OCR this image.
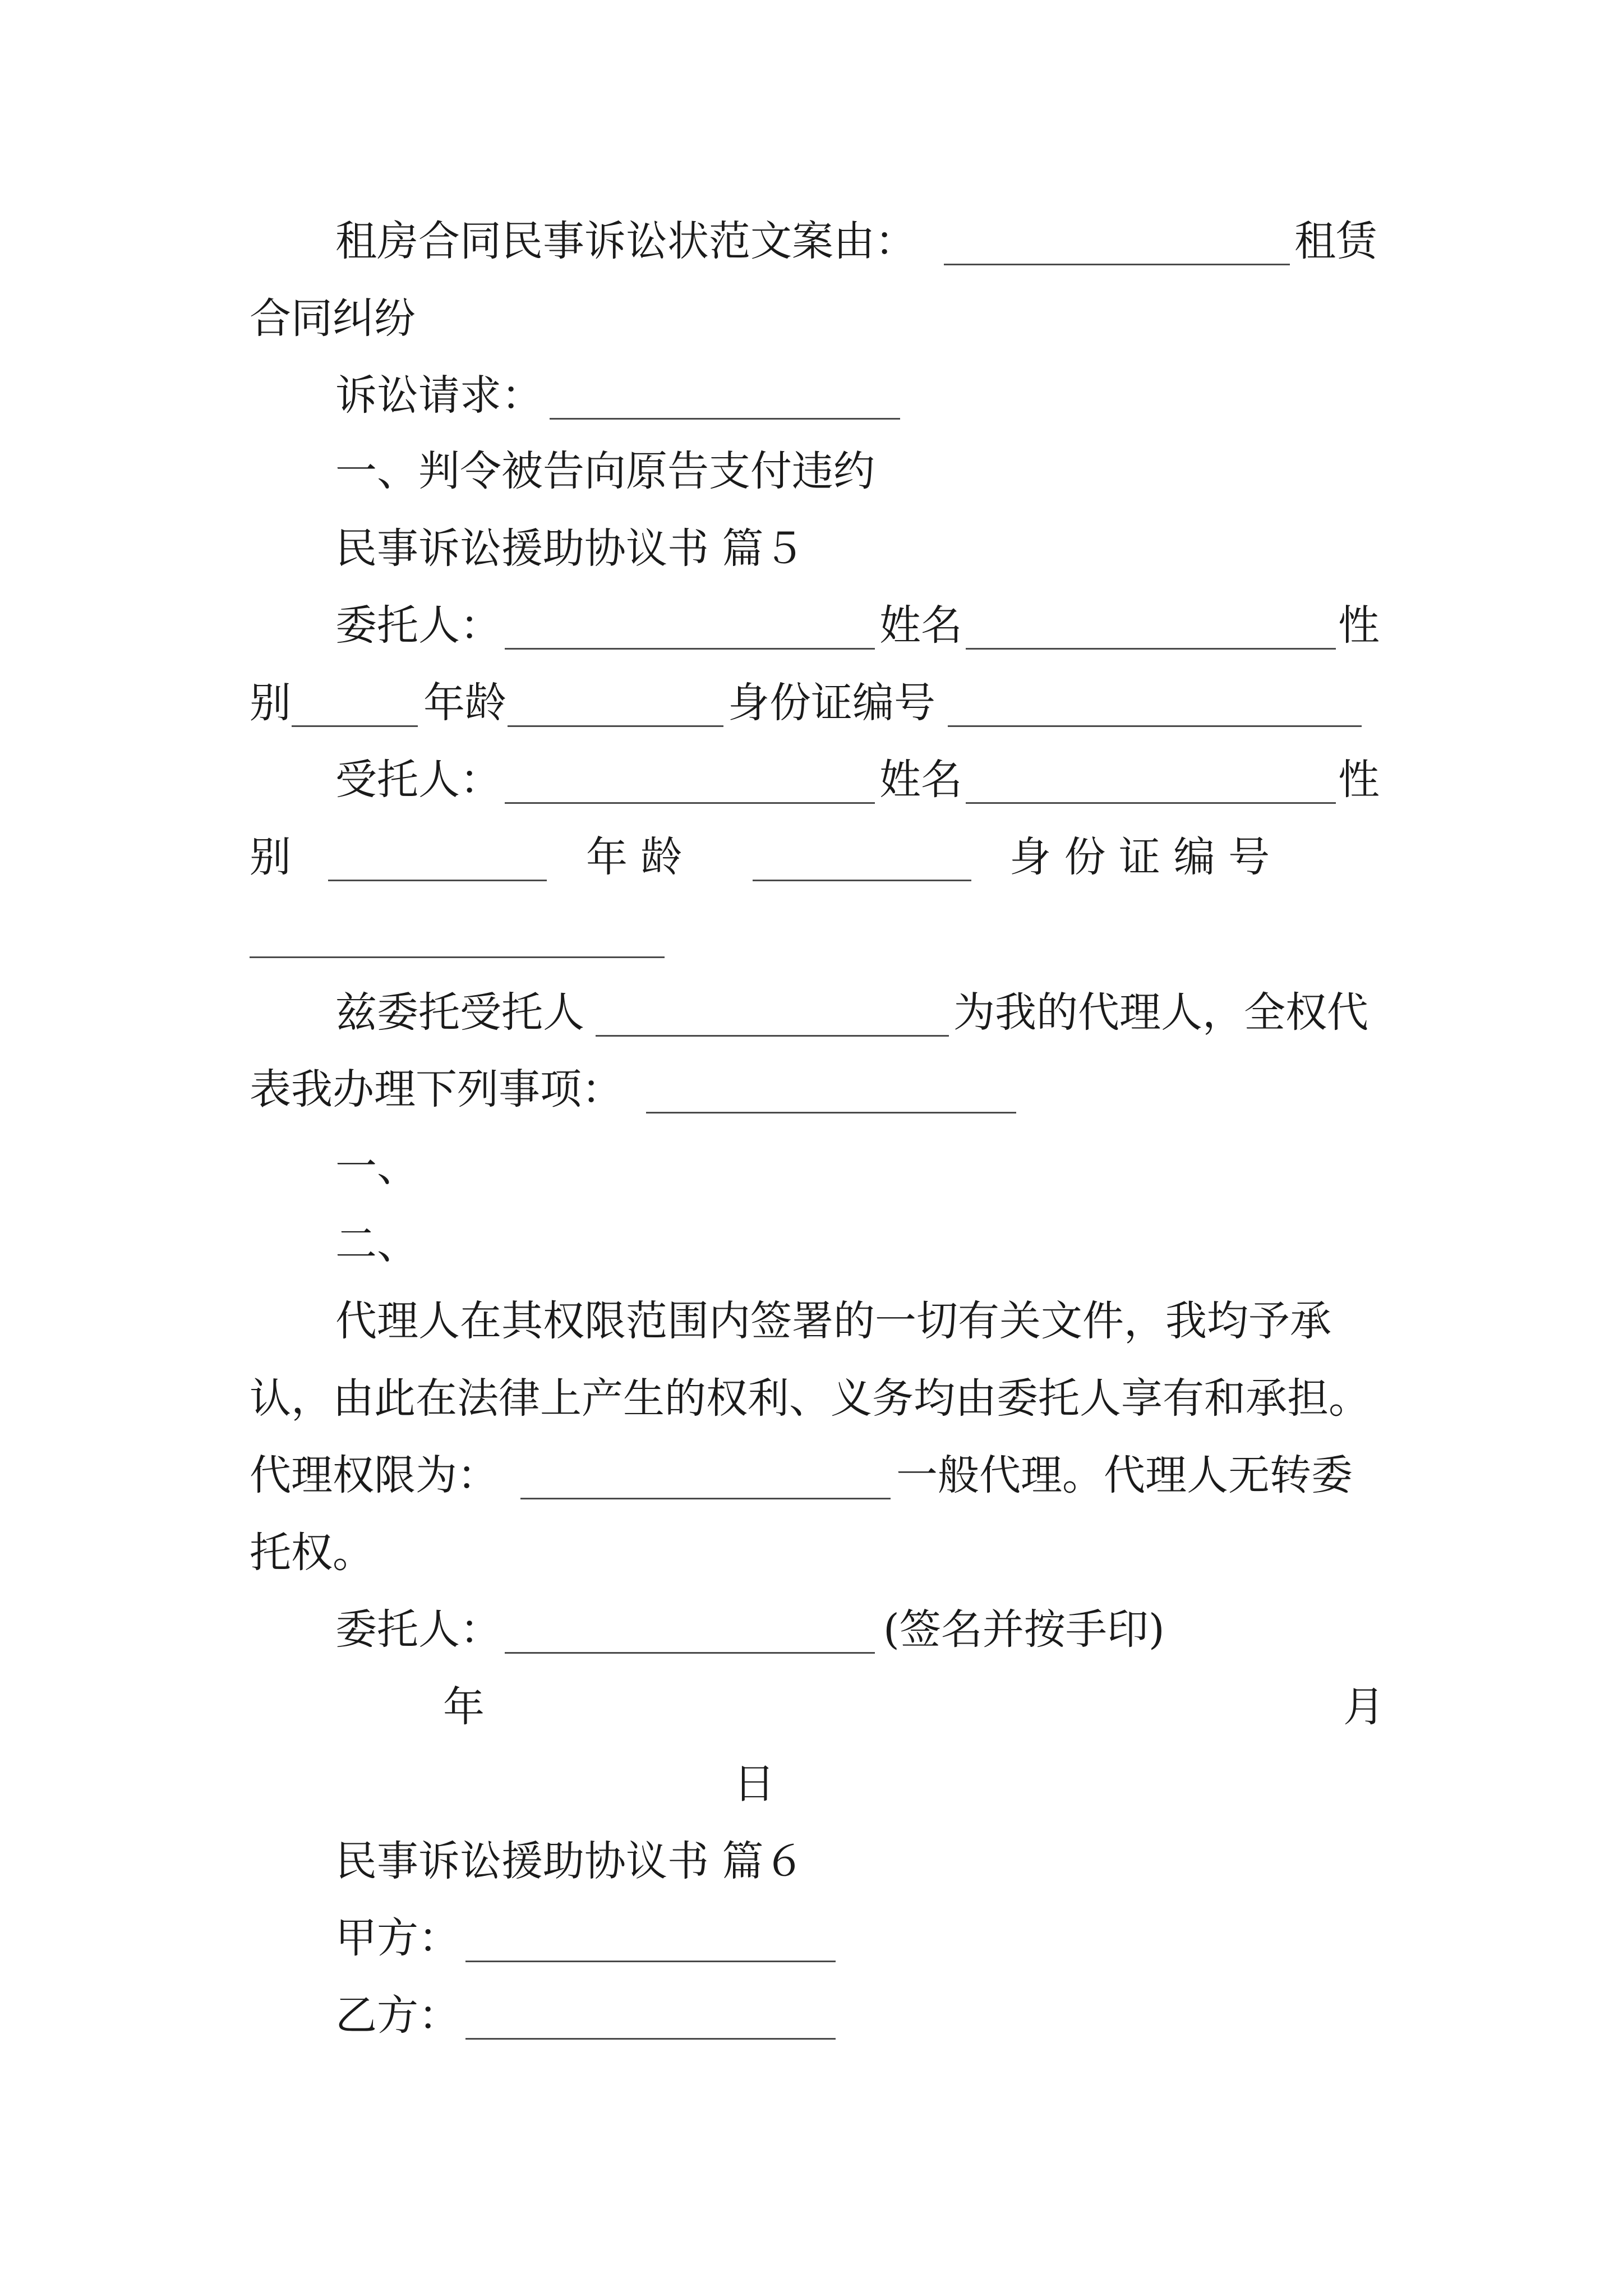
租房合同民事诉讼状范文案由：	租赁
合同纠纷
诉讼请求：
一、判令被告向原告支付违约
民事诉讼援助协议书 篇５
委托人：	姓名	性
别	年龄	身份证编号
受托人：	姓名	性
别	年 龄	身 份 证 编 号
兹委托受托人	为我的代理人，全权代
表我办理下列事项：
一、
二、
代理人在其权限范围内签署的一切有关文件，我均予承
认，由此在法律上产生的权利、义务均由委托人享有和承担。
代理权限为：	一般代理。代理人无转委
托权。
委托人：	(签名并按手印)
年	月
日
民事诉讼援助协议书 篇６
甲方：
乙方：
